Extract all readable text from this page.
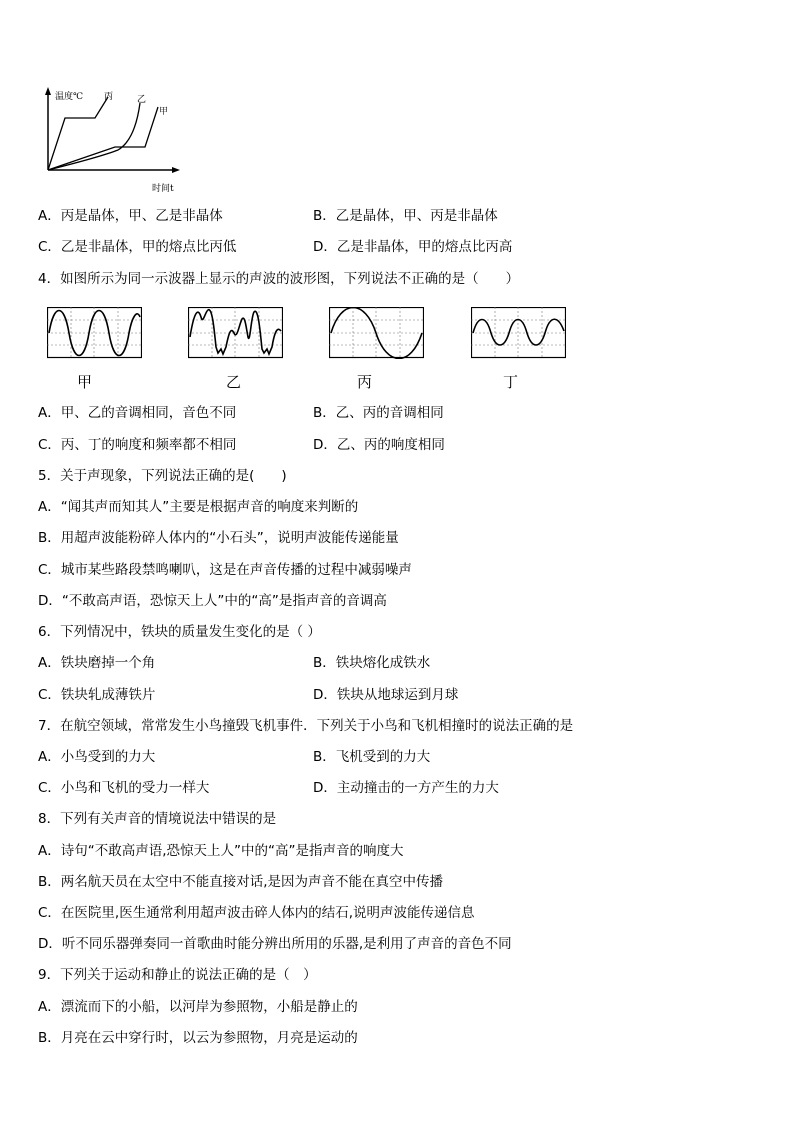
温度℃ 丙	乙
甲
时间t
A．丙是晶体，甲、乙是非晶体	B．乙是晶体，甲、丙是非晶体
C．乙是非晶体，甲的熔点比丙低	D．乙是非晶体，甲的熔点比丙高
4．如图所示为同一示波器上显示的声波的波形图，下列说法不正确的是（　　）
甲	乙	丙	丁
A．甲、乙的音调相同，音色不同	B．乙、丙的音调相同
C．丙、丁的响度和频率都不相同	D．乙、丙的响度相同
5．关于声现象，下列说法正确的是(　　)
A．“闻其声而知其人”主要是根据声音的响度来判断的
B．用超声波能粉碎人体内的“小石头”，说明声波能传递能量
C．城市某些路段禁鸣喇叭，这是在声音传播的过程中减弱噪声
D．“不敢高声语，恐惊天上人”中的“高”是指声音的音调高
6．下列情况中，铁块的质量发生变化的是（ ）
A．铁块磨掉一个角	B．铁块熔化成铁水
C．铁块轧成薄铁片	D．铁块从地球运到月球
7．在航空领域，常常发生小鸟撞毁飞机事件．下列关于小鸟和飞机相撞时的说法正确的是
A．小鸟受到的力大	B．飞机受到的力大
C．小鸟和飞机的受力一样大	D．主动撞击的一方产生的力大
8．下列有关声音的情境说法中错误的是
A．诗句“不敢高声语,恐惊天上人”中的“高”是指声音的响度大
B．两名航天员在太空中不能直接对话,是因为声音不能在真空中传播
C．在医院里,医生通常利用超声波击碎人体内的结石,说明声波能传递信息
D．听不同乐器弹奏同一首歌曲时能分辨出所用的乐器,是利用了声音的音色不同
9．下列关于运动和静止的说法正确的是（　）
A．漂流而下的小船，以河岸为参照物，小船是静止的
B．月亮在云中穿行时，以云为参照物，月亮是运动的
